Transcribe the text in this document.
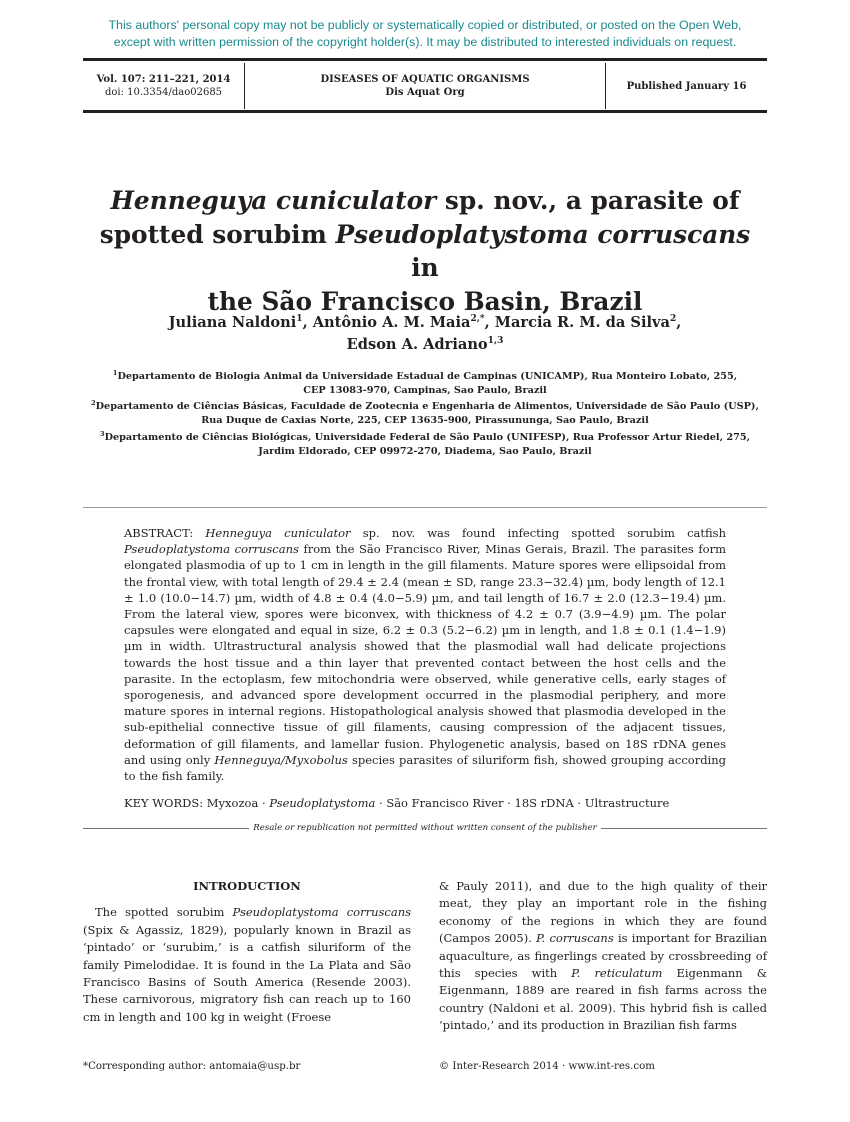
This authors' personal copy may not be publicly or systematically copied or distributed, or posted on the Open Web,
except with written permission of the copyright holder(s). It may be distributed to interested individuals on request.
Vol. 107: 211–221, 2014
doi: 10.3354/dao02685
DISEASES OF AQUATIC ORGANISMS
Dis Aquat Org
Published January 16
Henneguya cuniculator sp. nov., a parasite of
spotted sorubim Pseudoplatystoma corruscans in
the São Francisco Basin, Brazil
Juliana Naldoni$^1$, Antônio A. M. Maia$^{2,*}$, Marcia R. M. da Silva$^2$,
Edson A. Adriano$^{1,3}$
$^1$Departamento de Biologia Animal da Universidade Estadual de Campinas (UNICAMP), Rua Monteiro Lobato, 255,
CEP 13083-970, Campinas, Sao Paulo, Brazil
$^2$Departamento de Ciências Básicas, Faculdade de Zootecnia e Engenharia de Alimentos, Universidade de São Paulo (USP),
Rua Duque de Caxias Norte, 225, CEP 13635-900, Pirassununga, Sao Paulo, Brazil
$^3$Departamento de Ciências Biológicas, Universidade Federal de São Paulo (UNIFESP), Rua Professor Artur Riedel, 275,
Jardim Eldorado, CEP 09972-270, Diadema, Sao Paulo, Brazil
ABSTRACT: Henneguya cuniculator sp. nov. was found infecting spotted sorubim catfish Pseudoplatystoma corruscans from the São Francisco River, Minas Gerais, Brazil. The parasites form elongated plasmodia of up to 1 cm in length in the gill filaments. Mature spores were ellipsoidal from the frontal view, with total length of 29.4 ± 2.4 (mean ± SD, range 23.3−32.4) µm, body length of 12.1 ± 1.0 (10.0−14.7) µm, width of 4.8 ± 0.4 (4.0−5.9) µm, and tail length of 16.7 ± 2.0 (12.3−19.4) µm. From the lateral view, spores were biconvex, with thickness of 4.2 ± 0.7 (3.9−4.9) µm. The polar capsules were elongated and equal in size, 6.2 ± 0.3 (5.2−6.2) µm in length, and 1.8 ± 0.1 (1.4−1.9) µm in width. Ultrastructural analysis showed that the plasmodial wall had delicate projections towards the host tissue and a thin layer that prevented contact between the host cells and the parasite. In the ectoplasm, few mitochondria were observed, while generative cells, early stages of sporogenesis, and advanced spore development occurred in the plasmodial periphery, and more mature spores in internal regions. Histopathological analysis showed that plasmodia developed in the sub-epithelial connective tissue of gill filaments, causing compression of the adjacent tissues, deformation of gill filaments, and lamellar fusion. Phylogenetic analysis, based on 18S rDNA genes and using only Henneguya/Myxobolus species parasites of siluriform fish, showed grouping according to the fish family.
KEY WORDS: Myxozoa · Pseudoplatystoma · São Francisco River · 18S rDNA · Ultrastructure
Resale or republication not permitted without written consent of the publisher
INTRODUCTION
The spotted sorubim Pseudoplatystoma corruscans (Spix & Agassiz, 1829), popularly known in Brazil as ‘pintado’ or ‘surubim,’ is a catfish siluriform of the family Pimelodidae. It is found in the La Plata and São Francisco Basins of South America (Resende 2003). These carnivorous, migratory fish can reach up to 160 cm in length and 100 kg in weight (Froese
& Pauly 2011), and due to the high quality of their meat, they play an important role in the fishing economy of the regions in which they are found (Campos 2005). P. corruscans is important for Brazilian aquaculture, as fingerlings created by crossbreeding of this species with P. reticulatum Eigenmann & Eigenmann, 1889 are reared in fish farms across the country (Naldoni et al. 2009). This hybrid fish is called ‘pintado,’ and its production in Brazilian fish farms
*Corresponding author: antomaia@usp.br	© Inter-Research 2014 · www.int-res.com
